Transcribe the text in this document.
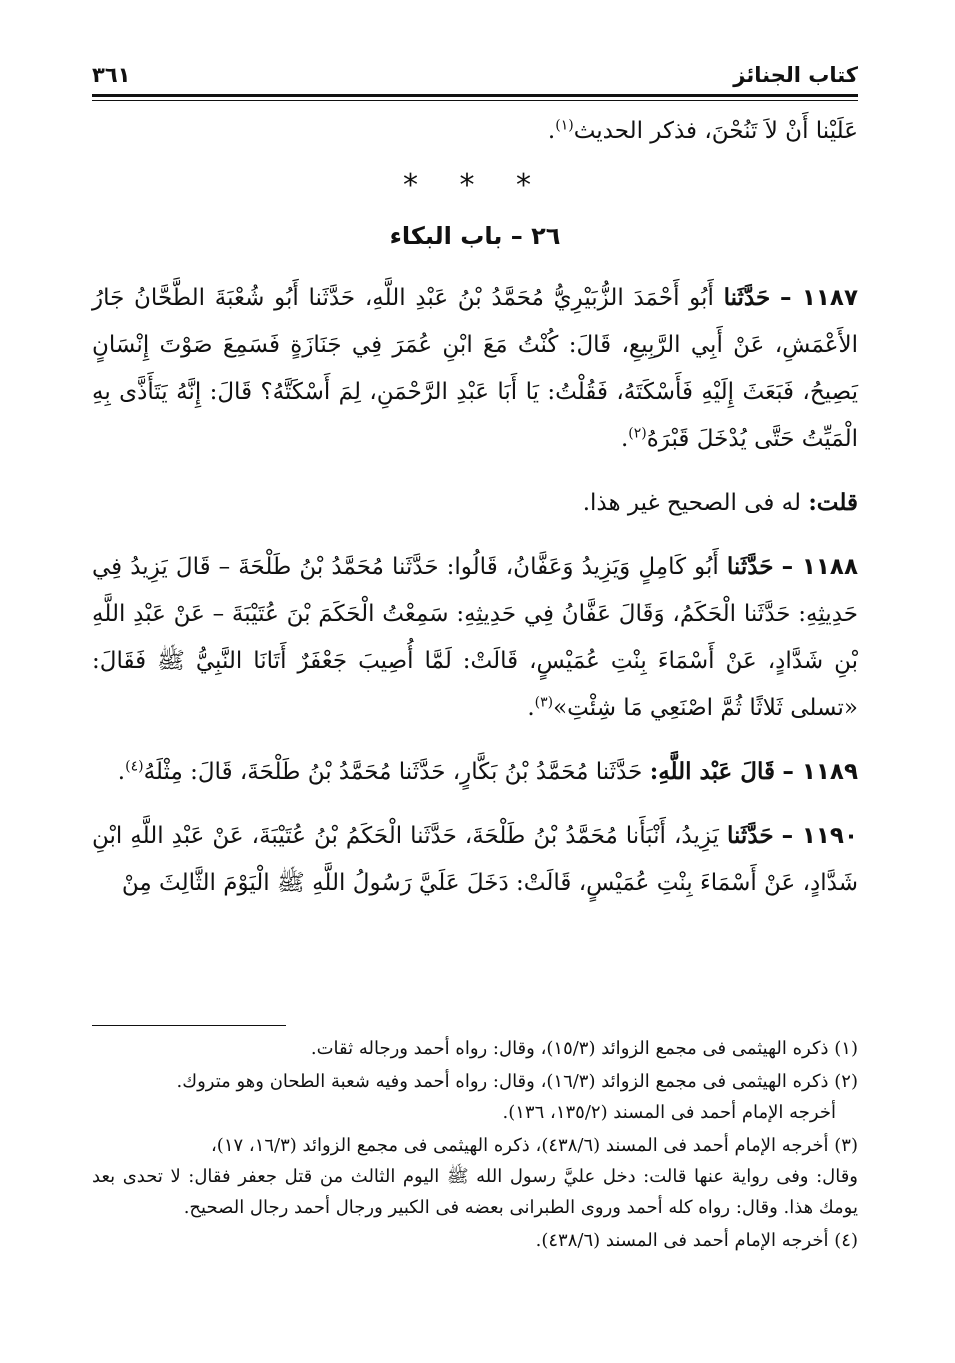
كتاب الجنائز
٣٦١

عَلَيْنا أَنْ لاَ تَنُحْنَ، فذكر الحديث$^{(١)}$.

* * *

٢٦ – باب البكاء

١١٨٧ – حَدَّثَنا أَبُو أَحْمَدَ الزُّبَيْرِيُّ مُحَمَّدُ بْنُ عَبْدِ اللَّهِ، حَدَّثَنا أَبُو شُعْبَةَ الطَّحَّانُ جَارُ الأَعْمَشِ، عَنْ أَبِي الرَّبِيعِ، قَالَ: كُنْتُ مَعَ ابْنِ عُمَرَ فِي جَنَازَةٍ فَسَمِعَ صَوْتَ إِنْسَانٍ يَصِيحُ، فَبَعَثَ إِلَيْهِ فَأَسْكَتَهُ، فَقُلْتُ: يَا أَبَا عَبْدِ الرَّحْمَنِ، لِمَ أَسْكَتَّهُ؟ قَالَ: إِنَّهُ يَتَأَذَّى بِهِ الْمَيِّتُ حَتَّى يُدْخَلَ قَبْرَهُ$^{(٢)}$.

قلت: له فى الصحيح غير هذا.

١١٨٨ – حَدَّثَنا أَبُو كَامِلٍ وَيَزِيدُ وَعَفَّانُ، قَالُوا: حَدَّثَنا مُحَمَّدُ بْنُ طَلْحَةَ – قَالَ يَزِيدُ فِي حَدِيثِهِ: حَدَّثَنا الْحَكَمُ، وَقَالَ عَفَّانُ فِي حَدِيثِهِ: سَمِعْتُ الْحَكَمَ بْنَ عُتَيْبَةَ – عَنْ عَبْدِ اللَّهِ بْنِ شَدَّادٍ، عَنْ أَسْمَاءَ بِنْتِ عُمَيْسٍ، قَالَتْ: لَمَّا أُصِيبَ جَعْفَرٌ أَتَانَا النَّبِيُّ ﷺ فَقَالَ: «تسلى ثَلاثًا ثُمَّ اصْنَعِي مَا شِئْتِ»$^{(٣)}$.

١١٨٩ – قَالَ عَبْد اللَّهِ: حَدَّثَنا مُحَمَّدُ بْنُ بَكَّارٍ، حَدَّثَنا مُحَمَّدُ بْنُ طَلْحَةَ، قَالَ: مِثْلَهُ$^{(٤)}$.

١١٩٠ – حَدَّثَنا يَزِيدُ، أَنْبَأَنا مُحَمَّدُ بْنُ طَلْحَةَ، حَدَّثَنا الْحَكَمُ بْنُ عُتَيْبَةَ، عَنْ عَبْدِ اللَّهِ ابْنِ شَدَّادٍ، عَنْ أَسْمَاءَ بِنْتِ عُمَيْسٍ، قَالَتْ: دَخَلَ عَلَيَّ رَسُولُ اللَّهِ ﷺ الْيَوْمَ الثَّالِثَ مِنْ

(١) ذكره الهيثمى فى مجمع الزوائد (١٥/٣)، وقال: رواه أحمد ورجاله ثقات.

(٢) ذكره الهيثمى فى مجمع الزوائد (١٦/٣)، وقال: رواه أحمد وفيه شعبة الطحان وهو متروك.
أخرجه الإمام أحمد فى المسند (١٣٥/٢، ١٣٦).

(٣) أخرجه الإمام أحمد فى المسند (٤٣٨/٦)، ذكره الهيثمى فى مجمع الزوائد (١٦/٣، ١٧)،
وقال: وفى رواية عنها قالت: دخل عليَّ رسول الله ﷺ اليوم الثالث من قتل جعفر فقال: لا تحدى بعد يومك هذا. وقال: رواه كله أحمد وروى الطبرانى بعضه فى الكبير ورجال أحمد رجال الصحيح.

(٤) أخرجه الإمام أحمد فى المسند (٤٣٨/٦).
